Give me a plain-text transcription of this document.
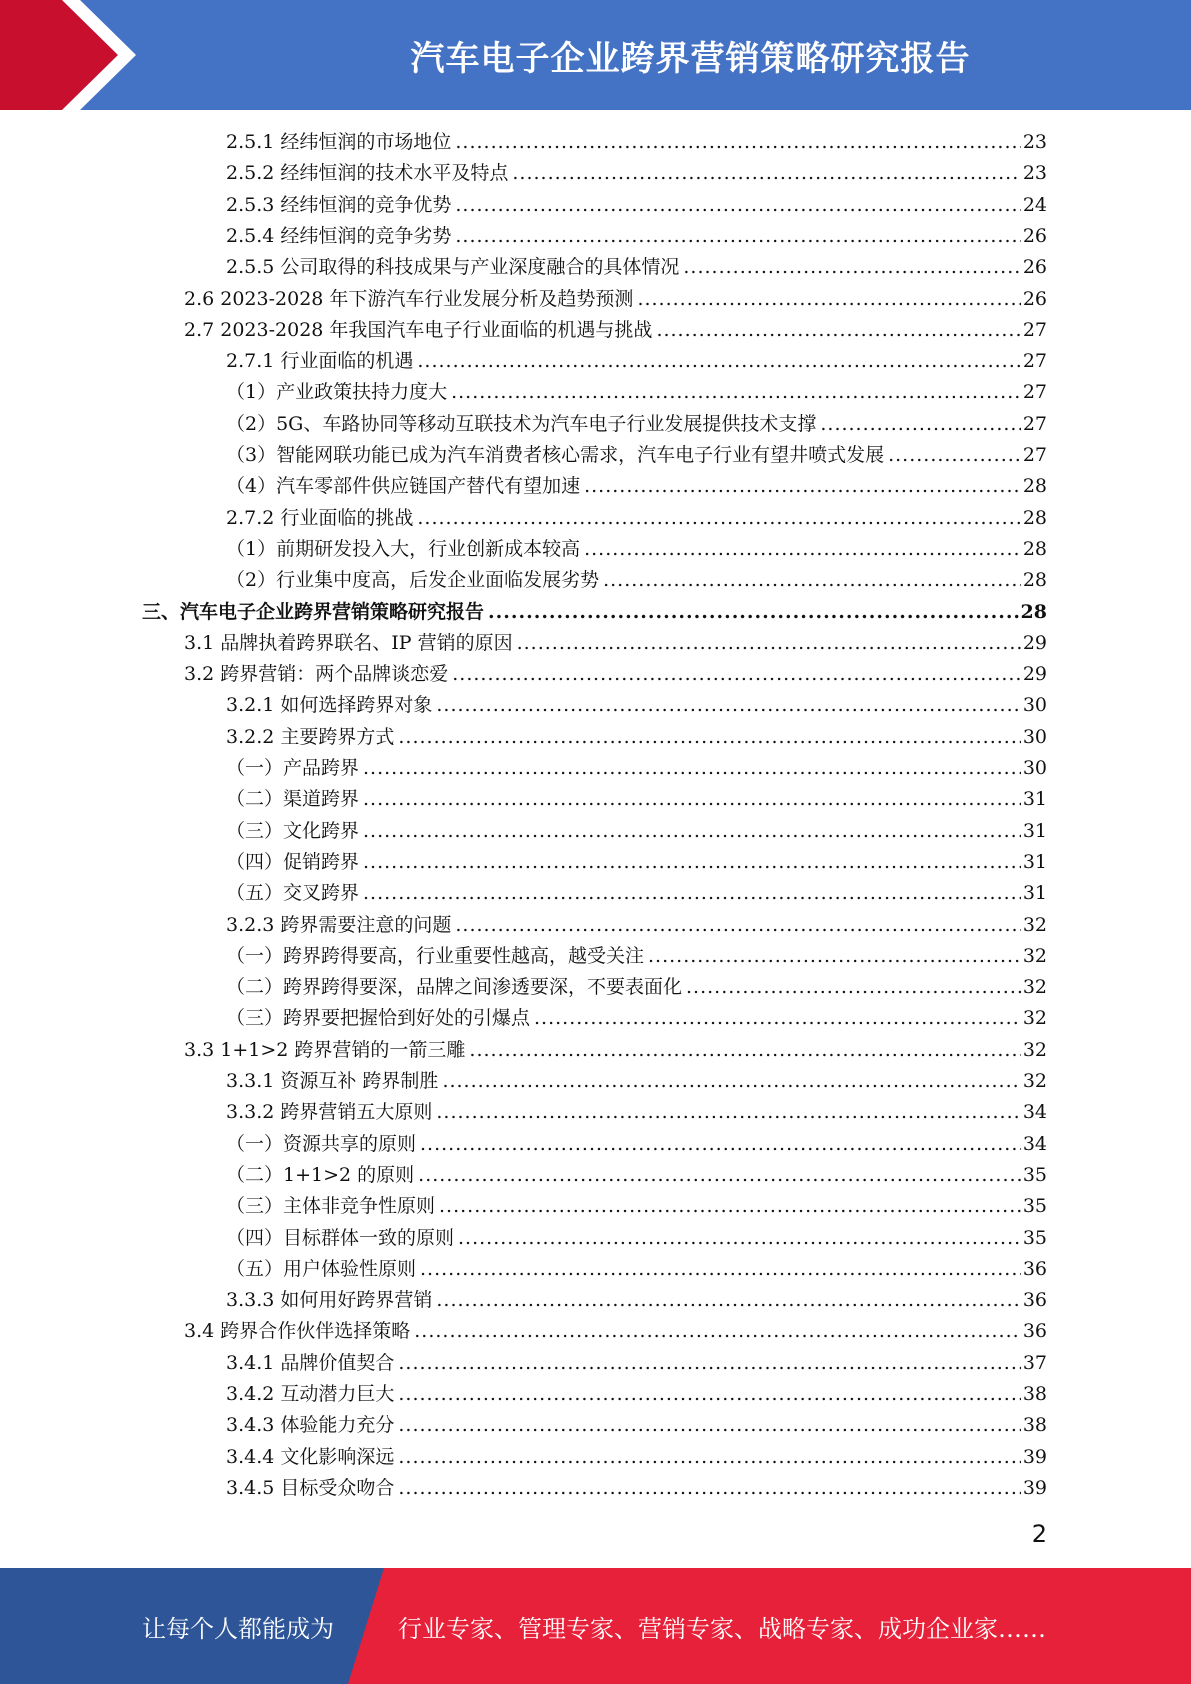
汽车电子企业跨界营销策略研究报告
2.5.1 经纬恒润的市场地位 .....	23
2.5.2 经纬恒润的技术水平及特点 .....	23
2.5.3 经纬恒润的竞争优势 .....	24
2.5.4 经纬恒润的竞争劣势 .....	26
2.5.5 公司取得的科技成果与产业深度融合的具体情况 .....	26
2.6 2023-2028 年下游汽车行业发展分析及趋势预测 .....	26
2.7 2023-2028 年我国汽车电子行业面临的机遇与挑战 .....	27
2.7.1 行业面临的机遇 .....	27
（1）产业政策扶持力度大 .....	27
（2）5G、车路协同等移动互联技术为汽车电子行业发展提供技术支撑 .....	27
（3）智能网联功能已成为汽车消费者核心需求，汽车电子行业有望井喷式发展 .....	27
（4）汽车零部件供应链国产替代有望加速 .....	28
2.7.2 行业面临的挑战 .....	28
（1）前期研发投入大，行业创新成本较高 .....	28
（2）行业集中度高，后发企业面临发展劣势 .....	28
三、汽车电子企业跨界营销策略研究报告 .....	28
3.1 品牌执着跨界联名、IP 营销的原因 .....	29
3.2 跨界营销：两个品牌谈恋爱 .....	29
3.2.1 如何选择跨界对象 .....	30
3.2.2 主要跨界方式 .....	30
（一）产品跨界 .....	30
（二）渠道跨界 .....	31
（三）文化跨界 .....	31
（四）促销跨界 .....	31
（五）交叉跨界 .....	31
3.2.3 跨界需要注意的问题 .....	32
（一）跨界跨得要高，行业重要性越高，越受关注 .....	32
（二）跨界跨得要深，品牌之间渗透要深，不要表面化 .....	32
（三）跨界要把握恰到好处的引爆点 .....	32
3.3 1+1>2 跨界营销的一箭三雕 .....	32
3.3.1 资源互补 跨界制胜 .....	32
3.3.2 跨界营销五大原则 .....	34
（一）资源共享的原则 .....	34
（二）1+1>2 的原则 .....	35
（三）主体非竞争性原则 .....	35
（四）目标群体一致的原则 .....	35
（五）用户体验性原则 .....	36
3.3.3 如何用好跨界营销 .....	36
3.4 跨界合作伙伴选择策略 .....	36
3.4.1 品牌价值契合 .....	37
3.4.2 互动潜力巨大 .....	38
3.4.3 体验能力充分 .....	38
3.4.4 文化影响深远 .....	39
3.4.5 目标受众吻合 .....	39
2
让每个人都能成为	行业专家、管理专家、营销专家、战略专家、成功企业家……
